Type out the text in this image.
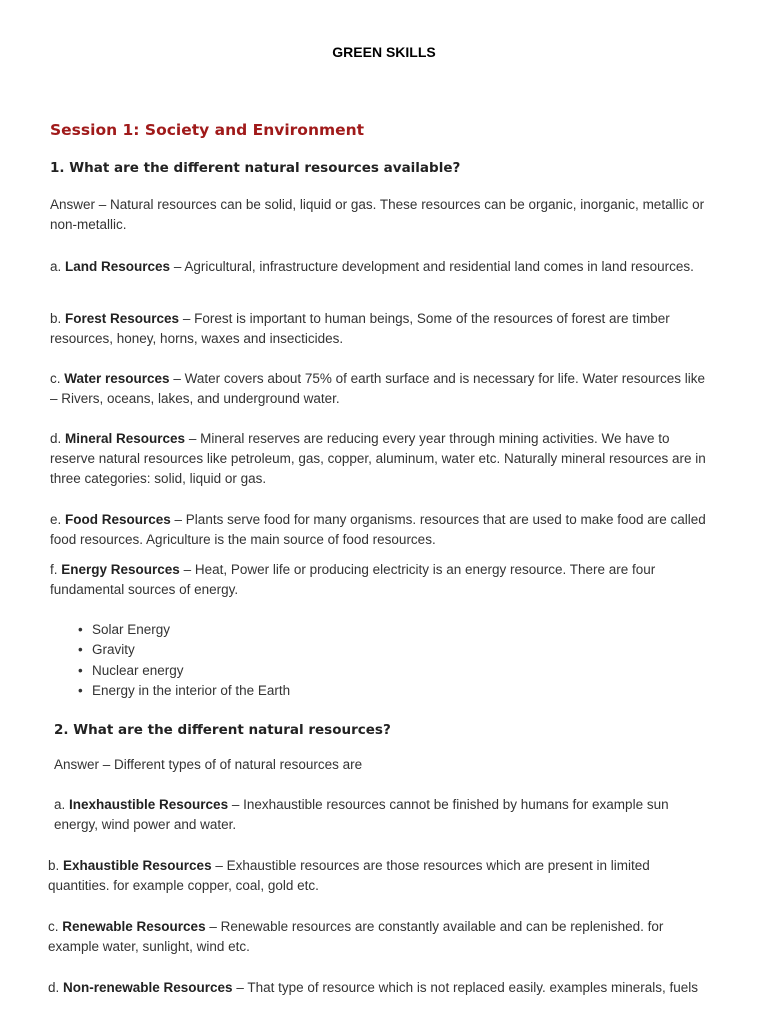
GREEN SKILLS
Session 1: Society and Environment
1. What are the different natural resources available?

Answer – Natural resources can be solid, liquid or gas. These resources can be organic, inorganic, metallic or non-metallic.

a. Land Resources – Agricultural, infrastructure development and residential land comes in land resources.

b. Forest Resources – Forest is important to human beings, Some of the resources of forest are timber resources, honey, horns, waxes and insecticides.

c. Water resources – Water covers about 75% of earth surface and is necessary for life. Water resources like – Rivers, oceans, lakes, and underground water.

d. Mineral Resources – Mineral reserves are reducing every year through mining activities. We have to reserve natural resources like petroleum, gas, copper, aluminum, water etc. Naturally mineral resources are in three categories: solid, liquid or gas.

e. Food Resources – Plants serve food for many organisms. resources that are used to make food are called food resources. Agriculture is the main source of food resources.

f. Energy Resources – Heat, Power life or producing electricity is an energy resource. There are four fundamental sources of energy.

• Solar Energy
• Gravity
• Nuclear energy
• Energy in the interior of the Earth
2. What are the different natural resources?

Answer – Different types of of natural resources are

a. Inexhaustible Resources – Inexhaustible resources cannot be finished by humans for example sun energy, wind power and water.

b. Exhaustible Resources – Exhaustible resources are those resources which are present in limited quantities. for example copper, coal, gold etc.

c. Renewable Resources – Renewable resources are constantly available and can be replenished. for example water, sunlight, wind etc.

d. Non-renewable Resources – That type of resource which is not replaced easily. examples minerals, fuels
